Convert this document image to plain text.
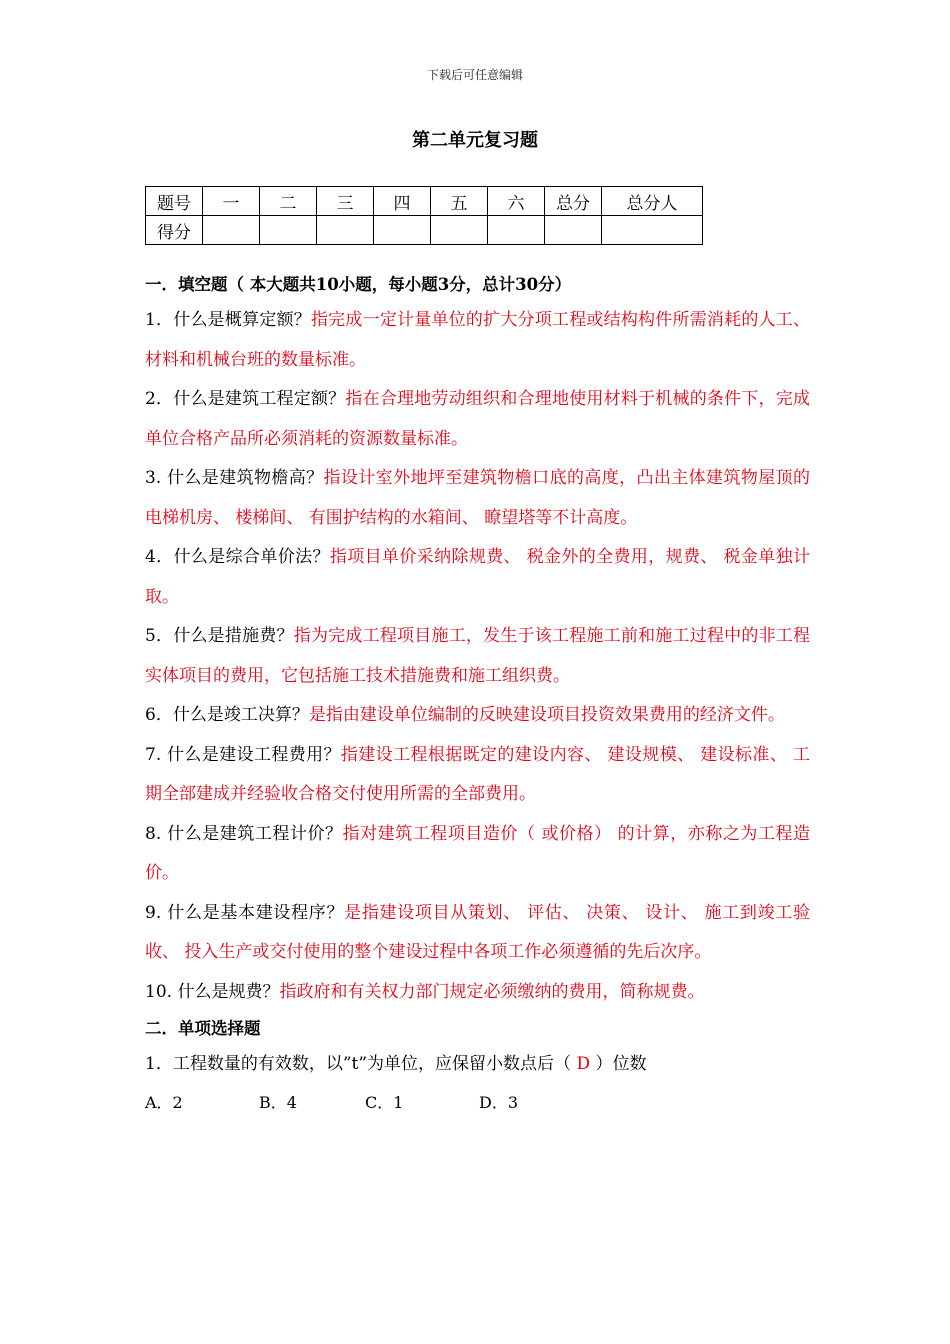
下载后可任意编辑
第二单元复习题
题号	一	二	三	四	五	六	总分	总分人
得分								
一．填空题（ 本大题共10小题，每小题3分，总计30分）
1．什么是概算定额？指完成一定计量单位的扩大分项工程或结构构件所需消耗的人工、 材料和机械台班的数量标准。
2．什么是建筑工程定额？指在合理地劳动组织和合理地使用材料于机械的条件下，完成单位合格产品所必须消耗的资源数量标准。
3. 什么是建筑物檐高？指设计室外地坪至建筑物檐口底的高度，凸出主体建筑物屋顶的电梯机房、 楼梯间、 有围护结构的水箱间、 瞭望塔等不计高度。
4．什么是综合单价法？指项目单价采纳除规费、 税金外的全费用，规费、 税金单独计取。
5．什么是措施费？指为完成工程项目施工，发生于该工程施工前和施工过程中的非工程实体项目的费用，它包括施工技术措施费和施工组织费。
6．什么是竣工决算？是指由建设单位编制的反映建设项目投资效果费用的经济文件。
7. 什么是建设工程费用？指建设工程根据既定的建设内容、 建设规模、 建设标准、 工期全部建成并经验收合格交付使用所需的全部费用。
8. 什么是建筑工程计价？指对建筑工程项目造价（ 或价格） 的计算，亦称之为工程造价。
9. 什么是基本建设程序？是指建设项目从策划、 评估、 决策、 设计、 施工到竣工验收、 投入生产或交付使用的整个建设过程中各项工作必须遵循的先后次序。
10. 什么是规费？指政府和有关权力部门规定必须缴纳的费用，简称规费。
二．单项选择题
1．工程数量的有效数，以”t”为单位，应保留小数点后（ D ）位数
A．2	B．4	C．1	D．3
